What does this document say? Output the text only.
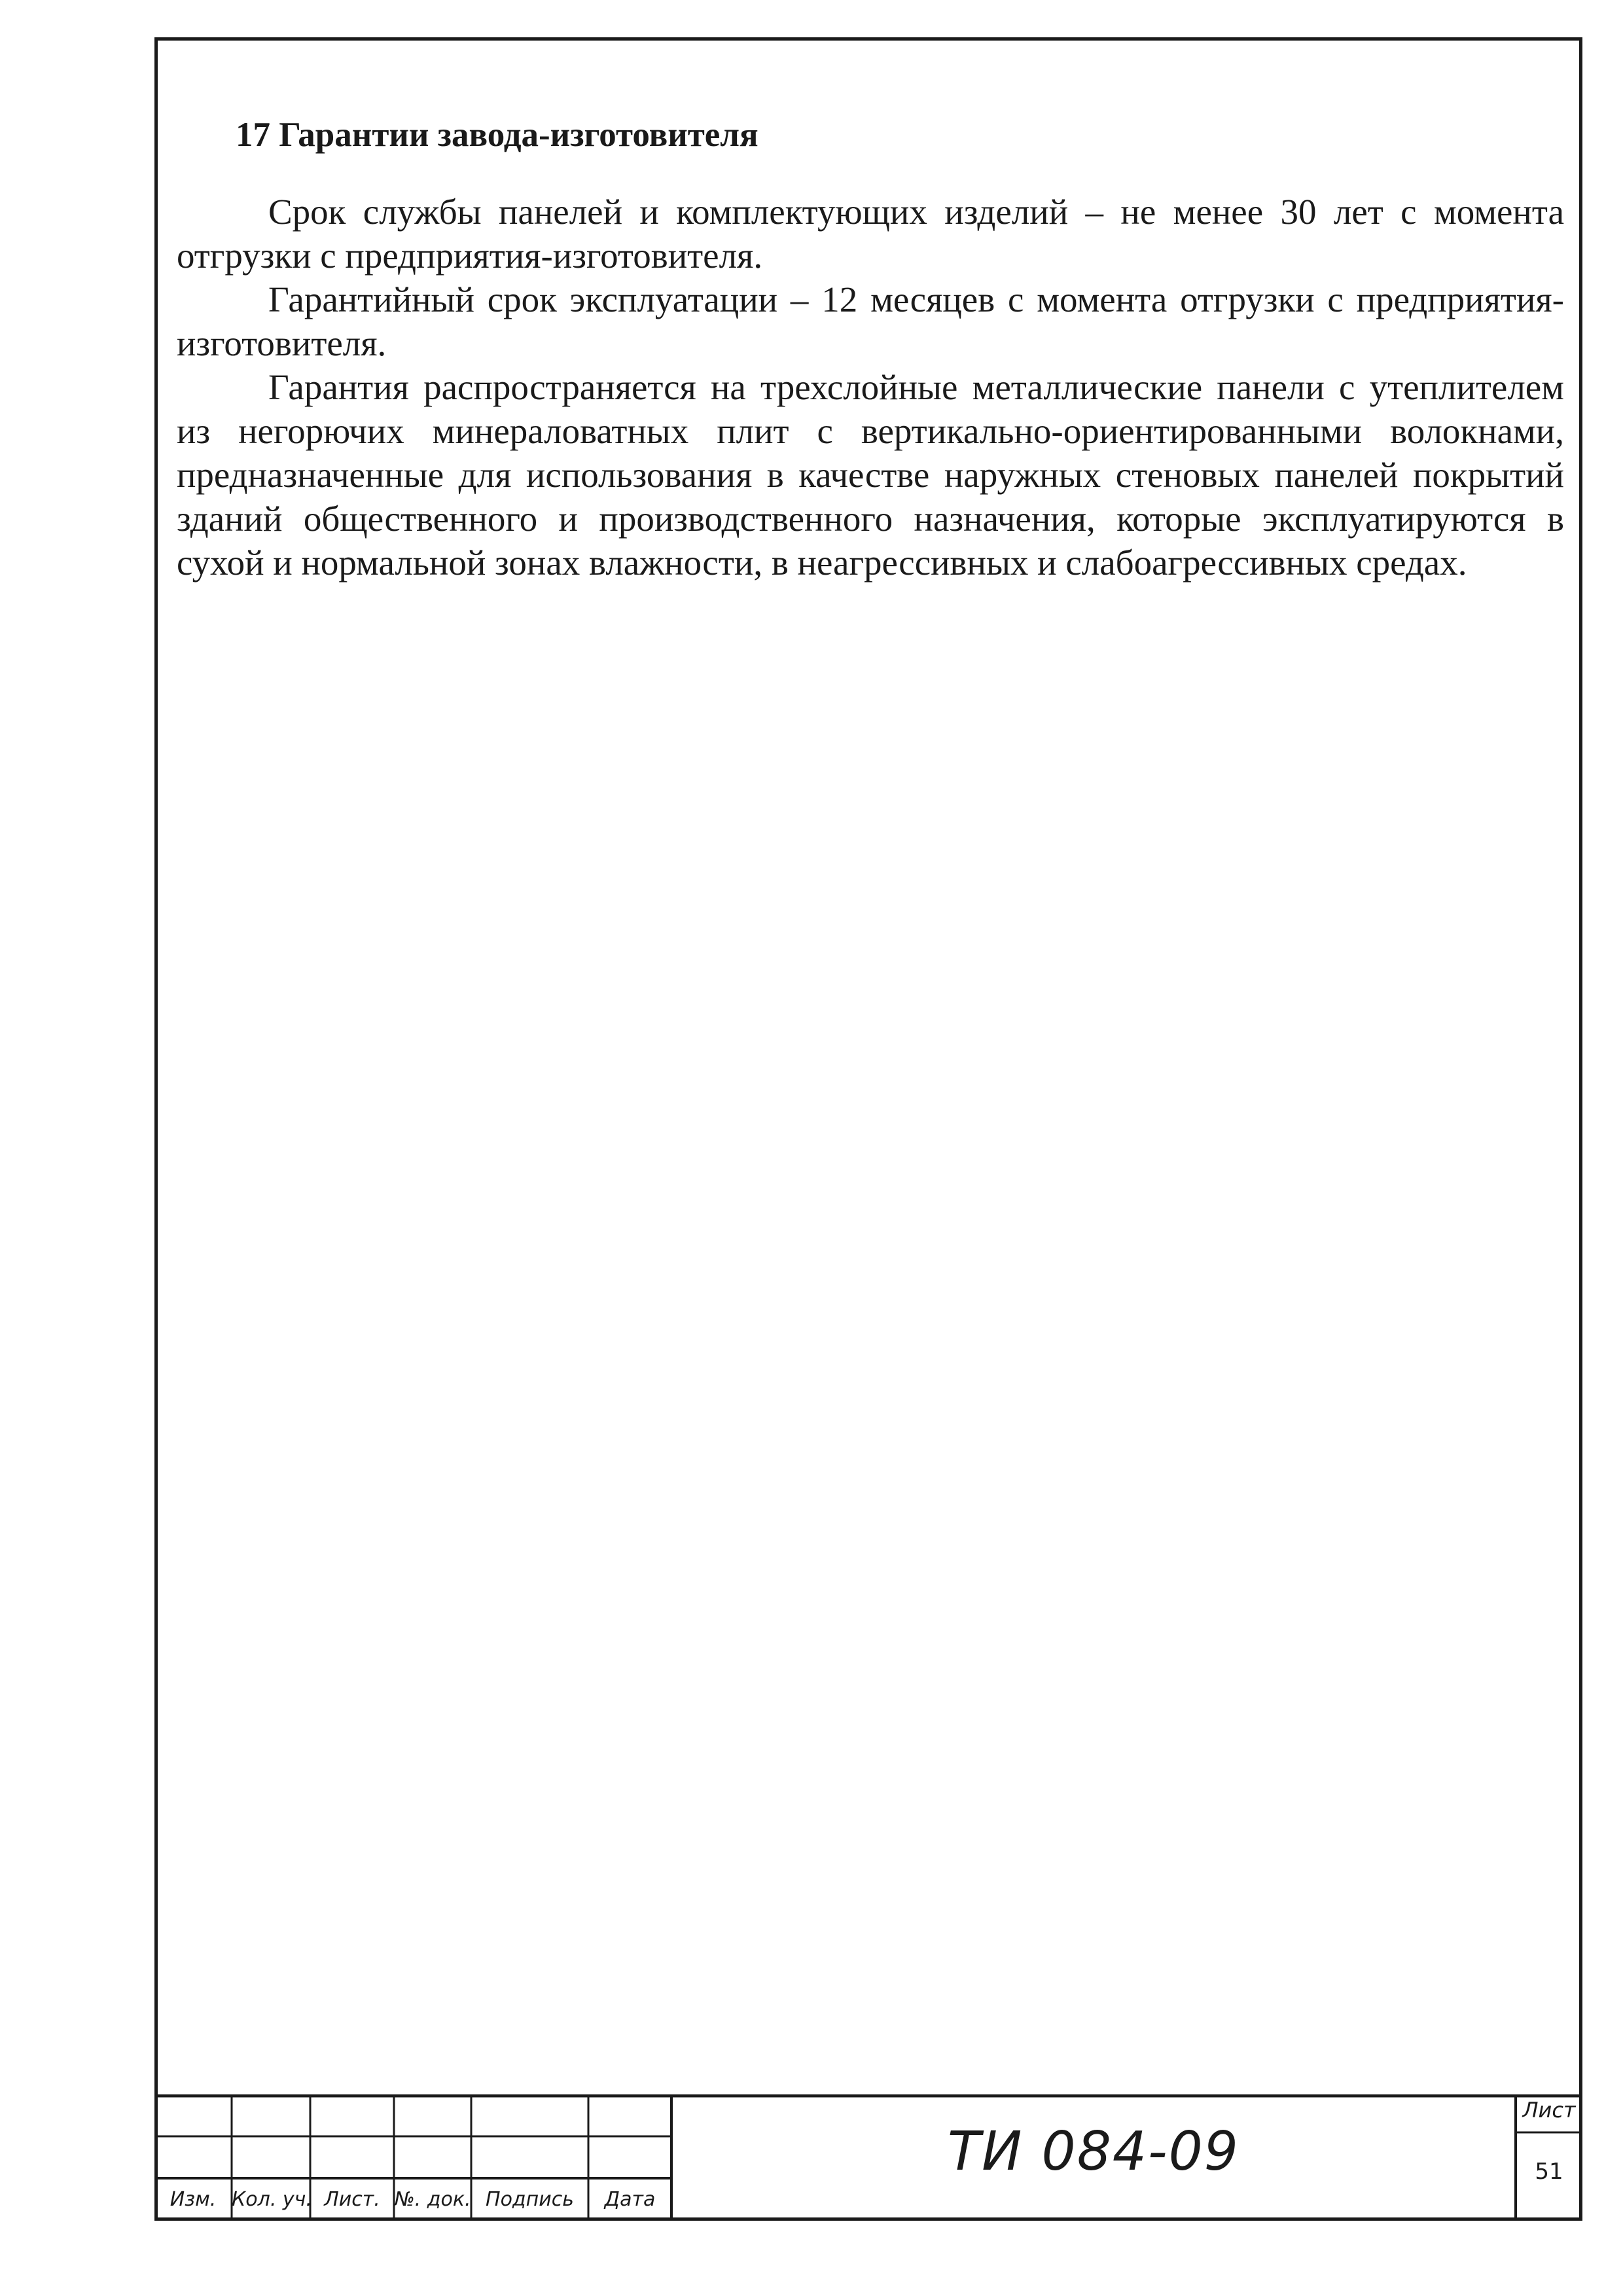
17 Гарантии завода-изготовителя

Срок службы панелей и комплектующих изделий – не менее 30 лет с момента отгрузки с предприятия-изготовителя.

Гарантийный срок эксплуатации – 12 месяцев с момента отгрузки с предприятия-изготовителя.

Гарантия распространяется на трехслойные металлические панели с утеплителем из негорючих минераловатных плит с вертикально-ориентированными волокнами, предназначенные для использования в качестве наружных стеновых панелей покрытий зданий общественного и производственного назначения, которые эксплуатируются в сухой и нормальной зонах влажности, в неагрессивных и слабоагрессивных средах.

Изм. Кол. уч. Лист. №. док. Подпись	Дата
ТИ 084-09
Лист
51
